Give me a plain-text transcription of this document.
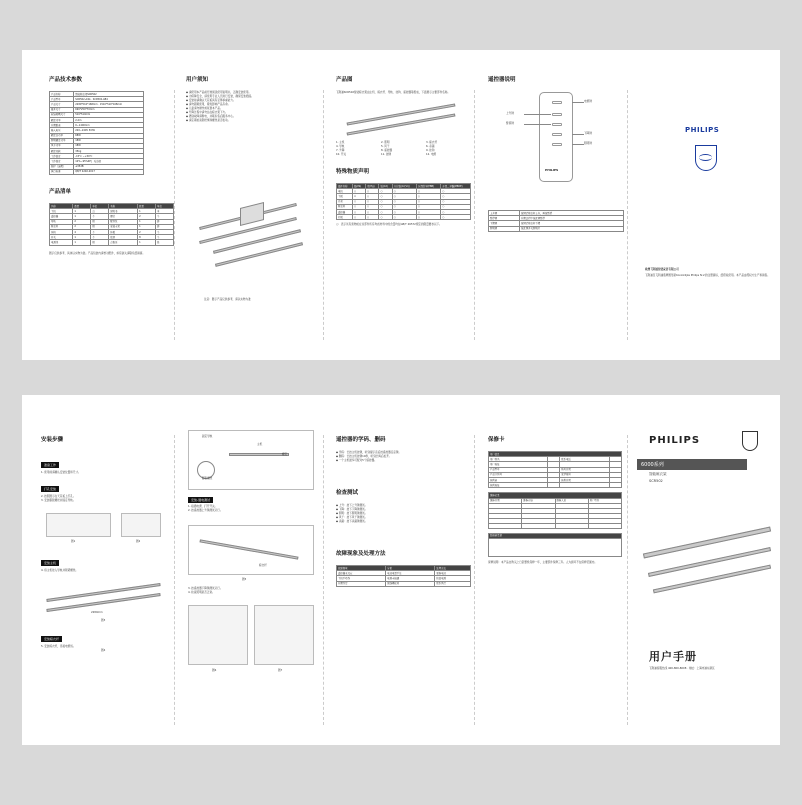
产品技术参数
产品名称	智能晾衣架SCR502
产品型号	SCR502-A4G · SCR502-AB4
产品尺寸	2280*510*168mm · 1510*510*168mm
展开尺寸	690*250*70mm
收缩晾晒尺寸	510*510mm
额定功率	2.2m
升降距离	0~1400mm
输入电压	220~240V 50Hz
额定总功率	68W
照明额定功率	18W
风干功率	18W
额定荷载	35kg
工作温度	-15℃ ~+50℃
工作湿度	10%~95%RH，无冷凝
防护（选配）	≤35dB
执行标准	QB/T 4292-2017
产品清单
名称	数量	单位	名称	数量	单位
主机	1	台	说明书	1	本
遥控器	1	个	螺钉	2	个
导轨	2	根	配件包	1	套
晾衣杆	2	根	安装支架	1	套
挂钩	4	个	挂板	2	个
开关	1	个	胶塞	8	个
电源线	1	根	合格证	1	张
图示仅供参考，具体以实物为准。产品包装内请核对配件，如有缺失请联系经销商。
用户须知
◆ 请使用本产品前仔细阅读使用说明书，正确安装使用。
◆ 为保障安全，请使用专业人员进行安装，确保安装稳固。
◆ 安装前请确认天花板具有足够承重能力。
◆ 请勿超载使用，避免影响产品寿命。
◆ 儿童请勿操作或玩耍本产品。
◆ 升降过程中请勿站在晾衣架下方。
◆ 遇到故障请断电，并联系售后服务中心。
◆ 请定期检查钢丝绳和螺丝是否松动。
注意：图示产品仅供参考，请以实物为准
产品图
飞利浦SCR502智能晾衣架由主机、晾衣杆、导轨、挂钩、遥控器等组成，下面展示主要部件名称。
1. 主机	2. 照明	3. 晾衣杆
4. 导轨	5. 风干	6. 杀菌
7. 升降	8. 遥控器	9. 挂钩
10. 开关	11. 按键	12. 电源
特殊物质声明
部件名称	铅(Pb)	汞(Hg)	镉(Cd)	六价铬(Cr(VI))	多溴联苯(PBB)	多溴二苯醚(PBDE)
电机	○	○	○	○	○	○
主板	×	○	○	○	○	○
外壳	○	○	○	○	○	○
晾衣杆	○	○	○	○	○	○
遥控器	○	○	○	○	○	○
灯板	○	○	○	○	○	○
○：表示该有害物质在该部件所有均质材料中的含量均在GB/T 26572规定的限量要求以下。
遥控器说明
PHILIPS
电源键
上升键
暂停键
下降键
照明键
上升键	按键后晾衣杆上升，再按暂停
暂停键	升降过程中按此键暂停
下降键	按键后晾衣杆下降
照明键	按此键开关照明灯
PHILIPS
欧洲飞利浦智能家居有限公司
飞利浦及飞利浦盾牌图形是Koninklijke Philips N.V.的注册商标，经授权使用。本产品由授权方生产和销售。
安装步骤
准备工作
1. 使用前请确认安装位置和尺寸。
打孔安装
2. 按照图示在天花板上打孔。
3. 安装膨胀螺丝并固定导轨。
图1	图2
安装主机
4. 将主机挂入导轨并锁紧螺丝。
2280mm
图3
安装晾衣杆
5. 安装晾衣杆，连接电源线。
图4
固定导轨
主机
螺钉
膨胀螺丝
安装-通电测试
1. 接通电源，打开开关。
2. 按遥控器上升键测试运行。
晾衣杆
图5
3. 按遥控器下降键测试运行。
4. 检查照明是否正常。
图6	图7
遥控器的学码、删码
◆ 学码：长按主机按键，听到提示音后按遥控器任意键。
◆ 删码：长按主机按键10秒，听到长鸣后松开。
◆ 一个主机最多可配对5个遥控器。
检查测试
◆ 上升：按下上升键测试。
◆ 下降：按下下降键测试。
◆ 照明：按下照明键测试。
◆ 风干：按下风干键测试。
◆ 杀菌：按下杀菌键测试。
故障现象及处理方法
故障现象	分析	处理方法
遥控器无反应	电池电量不足	更换电池
主机不动作	电源未接通	检查电源
升降异常	钢丝绳松动	联系售后
保修卡
用户信息			
用户姓名		联系电话	
用户地址			
产品型号		购买日期	
产品序列号		发票编号	
销售商		销售日期	
销售地址			
维修记录			
维修日期	维修内容	维修人员	用户签名

经销商盖章

保修说明：本产品自购买之日起整机保修一年，主要部件保修三年。人为损坏不在保修范围内。
PHILIPS
6000系列
智能晾衣架
SCR502
用户手册
飞利浦客服热线 400-800-8008 · 地址：上海市浦东新区
